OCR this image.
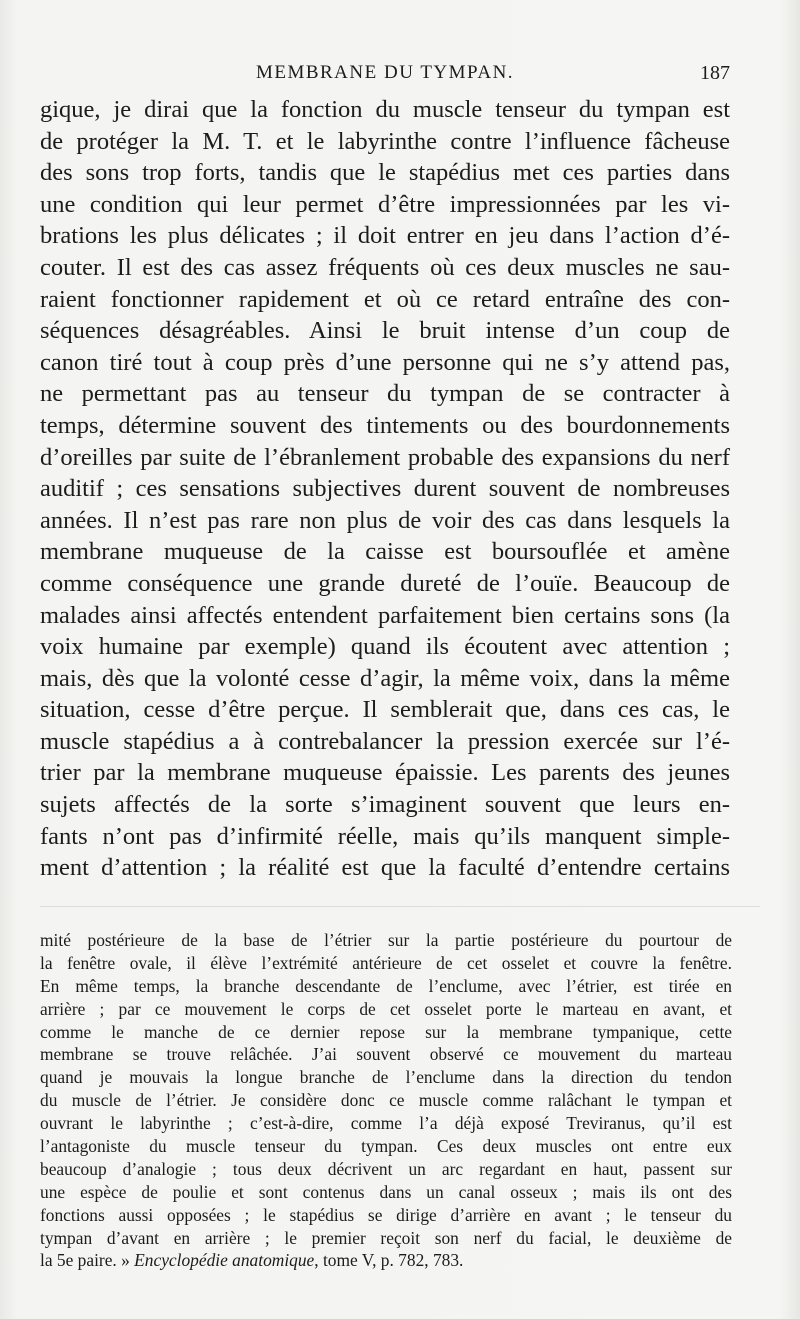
MEMBRANE DU TYMPAN.	187
gique, je dirai que la fonction du muscle tenseur du tympan est
de protéger la M. T. et le labyrinthe contre l’influence fâcheuse
des sons trop forts, tandis que le stapédius met ces parties dans
une condition qui leur permet d’être impressionnées par les vi-
brations les plus délicates ; il doit entrer en jeu dans l’action d’é-
couter. Il est des cas assez fréquents où ces deux muscles ne sau-
raient fonctionner rapidement et où ce retard entraîne des con-
séquences désagréables. Ainsi le bruit intense d’un coup de
canon tiré tout à coup près d’une personne qui ne s’y attend pas,
ne permettant pas au tenseur du tympan de se contracter à
temps, détermine souvent des tintements ou des bourdonnements
d’oreilles par suite de l’ébranlement probable des expansions du nerf
auditif ; ces sensations subjectives durent souvent de nombreuses
années. Il n’est pas rare non plus de voir des cas dans lesquels la
membrane muqueuse de la caisse est boursouflée et amène
comme conséquence une grande dureté de l’ouïe. Beaucoup de
malades ainsi affectés entendent parfaitement bien certains sons (la
voix humaine par exemple) quand ils écoutent avec attention ;
mais, dès que la volonté cesse d’agir, la même voix, dans la même
situation, cesse d’être perçue. Il semblerait que, dans ces cas, le
muscle stapédius a à contrebalancer la pression exercée sur l’é-
trier par la membrane muqueuse épaissie. Les parents des jeunes
sujets affectés de la sorte s’imaginent souvent que leurs en-
fants n’ont pas d’infirmité réelle, mais qu’ils manquent simple-
ment d’attention ; la réalité est que la faculté d’entendre certains
mité postérieure de la base de l’étrier sur la partie postérieure du pourtour de
la fenêtre ovale, il élève l’extrémité antérieure de cet osselet et couvre la fenêtre.
En même temps, la branche descendante de l’enclume, avec l’étrier, est tirée en
arrière ; par ce mouvement le corps de cet osselet porte le marteau en avant, et
comme le manche de ce dernier repose sur la membrane tympanique, cette
membrane se trouve relâchée. J’ai souvent observé ce mouvement du marteau
quand je mouvais la longue branche de l’enclume dans la direction du tendon
du muscle de l’étrier. Je considère donc ce muscle comme ralâchant le tympan et
ouvrant le labyrinthe ; c’est-à-dire, comme l’a déjà exposé Treviranus, qu’il est
l’antagoniste du muscle tenseur du tympan. Ces deux muscles ont entre eux
beaucoup d’analogie ; tous deux décrivent un arc regardant en haut, passent sur
une espèce de poulie et sont contenus dans un canal osseux ; mais ils ont des
fonctions aussi opposées ; le stapédius se dirige d’arrière en avant ; le tenseur du
tympan d’avant en arrière ; le premier reçoit son nerf du facial, le deuxième de
la 5e paire. » Encyclopédie anatomique, tome V, p. 782, 783.
